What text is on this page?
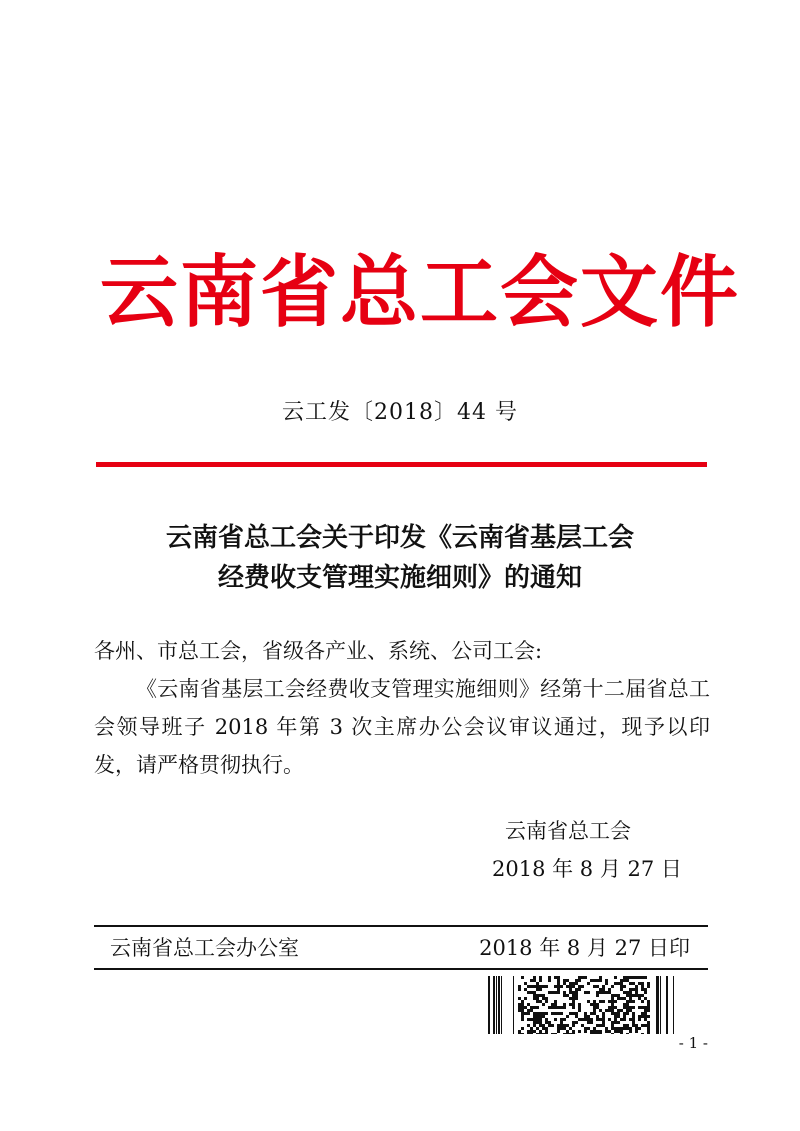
云南省总工会文件
云工发〔2018〕44 号
云南省总工会关于印发《云南省基层工会
经费收支管理实施细则》的通知
各州、市总工会，省级各产业、系统、公司工会:
《云南省基层工会经费收支管理实施细则》经第十二届省总工会领导班子 2018 年第 3 次主席办公会议审议通过，现予以印发，请严格贯彻执行。
云南省总工会
2018 年 8 月 27 日
云南省总工会办公室	2018 年 8 月 27 日印
- 1 -
